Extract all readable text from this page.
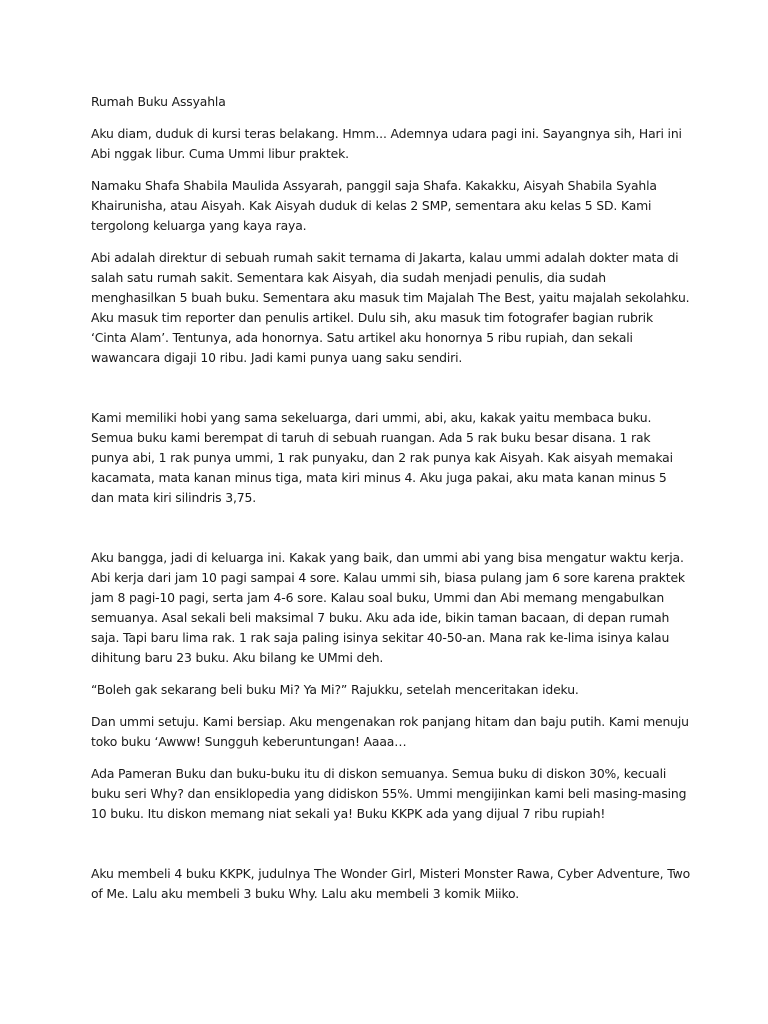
Rumah Buku Assyahla

Aku diam, duduk di kursi teras belakang. Hmm... Ademnya udara pagi ini. Sayangnya sih, Hari ini Abi nggak libur. Cuma Ummi libur praktek.

Namaku Shafa Shabila Maulida Assyarah, panggil saja Shafa. Kakakku, Aisyah Shabila Syahla Khairunisha, atau Aisyah. Kak Aisyah duduk di kelas 2 SMP, sementara aku kelas 5 SD. Kami tergolong keluarga yang kaya raya.

Abi adalah direktur di sebuah rumah sakit ternama di Jakarta, kalau ummi adalah dokter mata di salah satu rumah sakit. Sementara kak Aisyah, dia sudah menjadi penulis, dia sudah menghasilkan 5 buah buku. Sementara aku masuk tim Majalah The Best, yaitu majalah sekolahku. Aku masuk tim reporter dan penulis artikel. Dulu sih, aku masuk tim fotografer bagian rubrik ‘Cinta Alam’. Tentunya, ada honornya. Satu artikel aku honornya 5 ribu rupiah, dan sekali wawancara digaji 10 ribu. Jadi kami punya uang saku sendiri.

Kami memiliki hobi yang sama sekeluarga, dari ummi, abi, aku, kakak yaitu membaca buku. Semua buku kami berempat di taruh di sebuah ruangan. Ada 5 rak buku besar disana. 1 rak punya abi, 1 rak punya ummi, 1 rak punyaku, dan 2 rak punya kak Aisyah. Kak aisyah memakai kacamata, mata kanan minus tiga, mata kiri minus 4. Aku juga pakai, aku mata kanan minus 5 dan mata kiri silindris 3,75.

Aku bangga, jadi di keluarga ini. Kakak yang baik, dan ummi abi yang bisa mengatur waktu kerja. Abi kerja dari jam 10 pagi sampai 4 sore. Kalau ummi sih, biasa pulang jam 6 sore karena praktek jam 8 pagi-10 pagi, serta jam 4-6 sore. Kalau soal buku, Ummi dan Abi memang mengabulkan semuanya. Asal sekali beli maksimal 7 buku. Aku ada ide, bikin taman bacaan, di depan rumah saja. Tapi baru lima rak. 1 rak saja paling isinya sekitar 40-50-an. Mana rak ke-lima isinya kalau dihitung baru 23 buku. Aku bilang ke UMmi deh.

“Boleh gak sekarang beli buku Mi? Ya Mi?” Rajukku, setelah menceritakan ideku.

Dan ummi setuju. Kami bersiap. Aku mengenakan rok panjang hitam dan baju putih. Kami menuju toko buku ‘Awww! Sungguh keberuntungan! Aaaa…

Ada Pameran Buku dan buku-buku itu di diskon semuanya. Semua buku di diskon 30%, kecuali buku seri Why? dan ensiklopedia yang didiskon 55%. Ummi mengijinkan kami beli masing-masing 10 buku. Itu diskon memang niat sekali ya! Buku KKPK ada yang dijual 7 ribu rupiah!

Aku membeli 4 buku KKPK, judulnya The Wonder Girl, Misteri Monster Rawa, Cyber Adventure, Two of Me. Lalu aku membeli 3 buku Why. Lalu aku membeli 3 komik Miiko.
